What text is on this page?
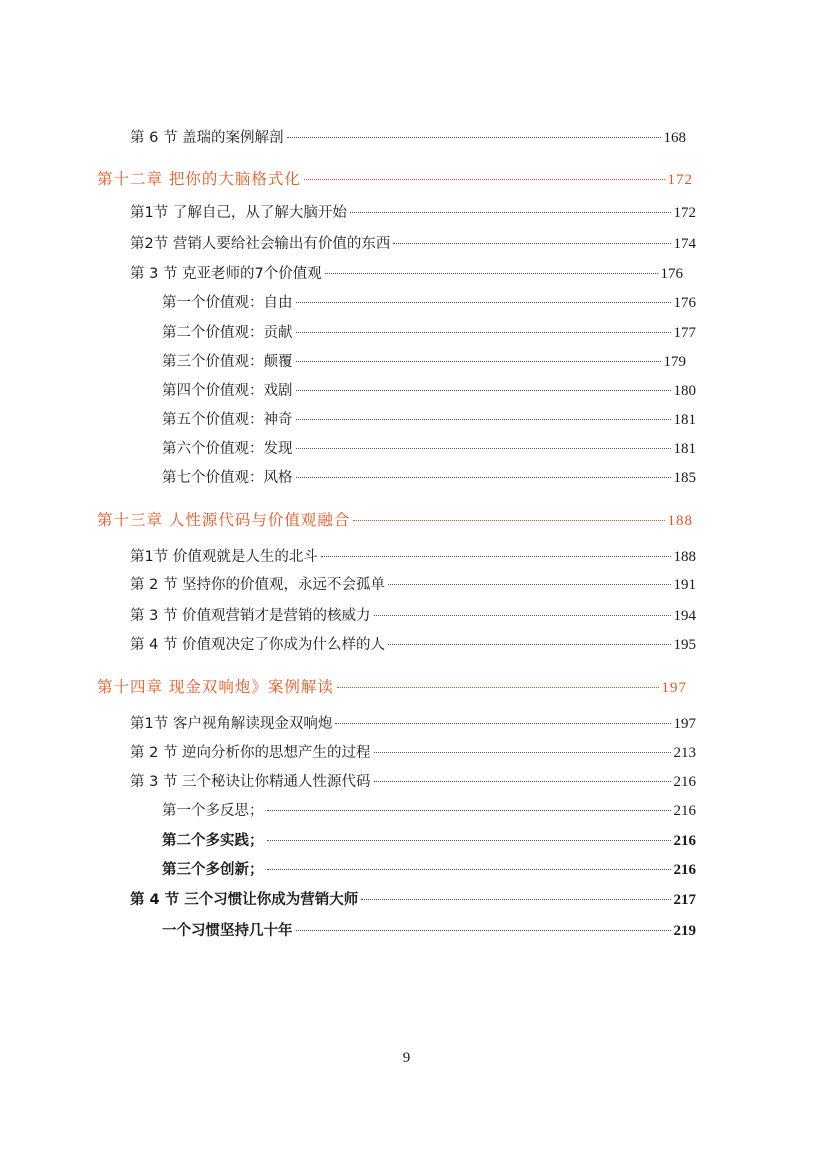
第 6 节 盖瑞的案例解剖	168
第十二章 把你的大脑格式化	172
第1节 了解自己，从了解大脑开始	172
第2节 营销人要给社会输出有价值的东西	174
第 3 节 克亚老师的7个价值观	176
第一个价值观：自由	176
第二个价值观：贡献	177
第三个价值观：颠覆	179
第四个价值观：戏剧	180
第五个价值观：神奇	181
第六个价值观：发现	181
第七个价值观：风格	185
第十三章 人性源代码与价值观融合	188
第1节 价值观就是人生的北斗	188
第 2 节 坚持你的价值观，永远不会孤单	191
第 3 节 价值观营销才是营销的核威力	194
第 4 节 价值观决定了你成为什么样的人	195
第十四章 现金双响炮》案例解读	197
第1节 客户视角解读现金双响炮	197
第 2 节 逆向分析你的思想产生的过程	213
第 3 节 三个秘诀让你精通人性源代码	216
第一个多反思；	216
第二个多实践；	216
第三个多创新；	216
第 4 节 三个习惯让你成为营销大师	217
一个习惯坚持几十年	219
9
